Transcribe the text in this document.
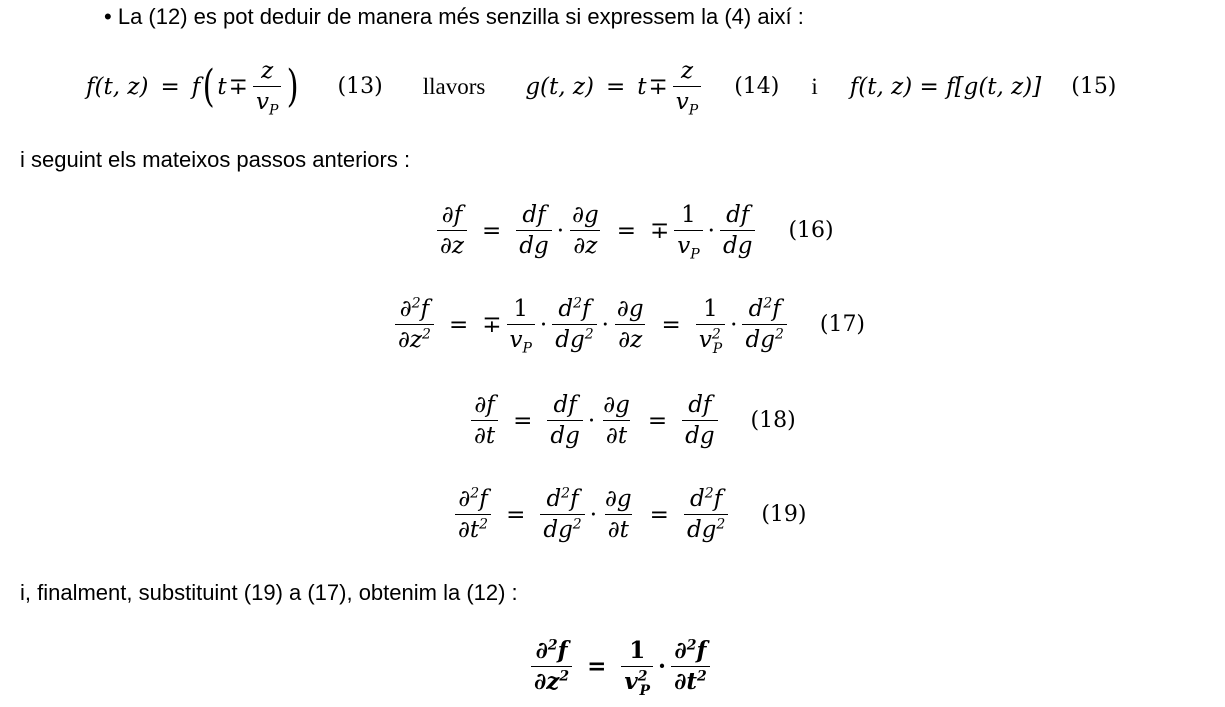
• La (12) es pot deduir de manera més senzilla si expressem la (4) així :
f(t, z) = f ( $t \mp \frac{z}{v_P}$ ) (13) llavors g(t, $z) = t \mp \frac{z}{v_P} (14)$ i f(t, z) = f[g(t, z)] (15)
i seguint els mateixos passos anteriors :
$\frac{\partial f}{\partial z} = \frac{df}{dg} \cdot \frac{\partial g}{\partial z}$ = ∓ $\frac{1}{v_P} \cdot \frac{df}{dg} (16)$
$\frac{\partial^2f}{\partial z^2}$ = ∓ $\frac{1}{v_P} \cdot \frac{d^2f}{dg^2} \cdot \frac{\partial g}{\partial z} = \frac{1}{v^2_P} \cdot \frac{d^2f}{dg^2} (17)$
$\frac{\partial f}{\partial t} = \frac{df}{dg} \cdot \frac{\partial g}{\partial t} = \frac{df}{dg} (18)$
$\frac{\partial^2f}{\partial t^2} = \frac{d^2f}{dg^2} \cdot \frac{\partial g}{\partial t} = \frac{d^2f}{dg^2} (19)$
i, finalment, substituint (19) a (17), obtenim la (12) :
$\frac{\partial^2f}{\partial z^2} = \frac{1}{v^2_P} \cdot \frac{\partial^2f}{\partial t^2}$
